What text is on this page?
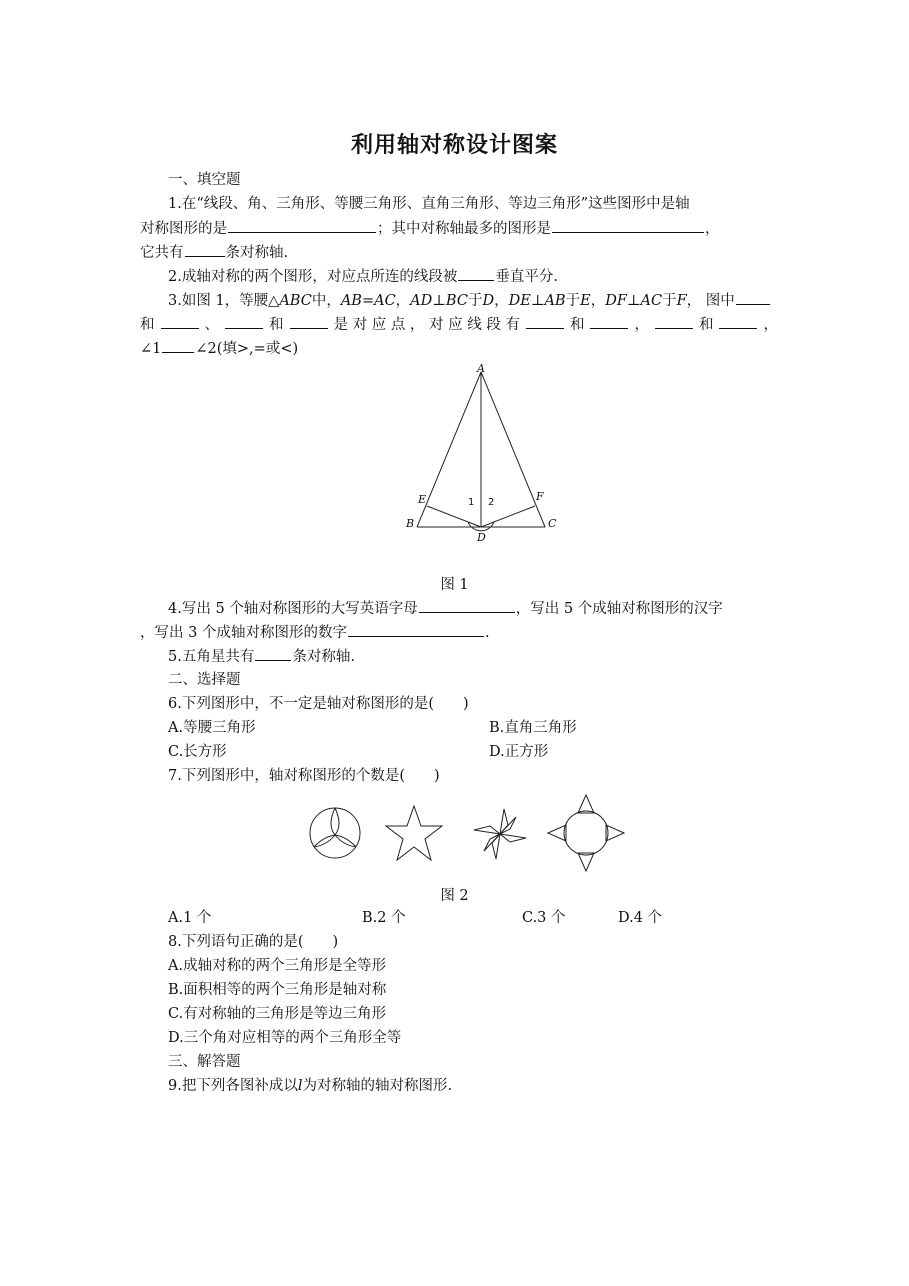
利用轴对称设计图案
一、填空题
1.在“线段、角、三角形、等腰三角形、直角三角形、等边三角形”这些图形中是轴
对称图形的是	；其中对称轴最多的图形是	，
它共有	条对称轴.
2.成轴对称的两个图形，对应点所连的线段被	垂直平分.
3.如图 1，等腰△ABC中，AB=AC，AD⊥BC于D，DE⊥AB于E，DF⊥AC于F， 图中
和	、	和	是 对 应 点 ， 对 应 线 段 有	和	，	和	，
∠1 ∠2(填>,=或<)
A
B	C
D
E	F
1 2
图 1
4.写出 5 个轴对称图形的大写英语字母	，写出 5 个成轴对称图形的汉字
，写出 3 个成轴对称图形的数字	.
5.五角星共有	条对称轴.
二、选择题
6.下列图形中，不一定是轴对称图形的是(　　)
A.等腰三角形	B.直角三角形
C.长方形	D.正方形
7.下列图形中，轴对称图形的个数是(　　)
图 2
A.1 个	B.2 个	C.3 个	D.4 个
8.下列语句正确的是(　　)
A.成轴对称的两个三角形是全等形
B.面积相等的两个三角形是轴对称
C.有对称轴的三角形是等边三角形
D.三个角对应相等的两个三角形全等
三、解答题
9.把下列各图补成以l为对称轴的轴对称图形.
